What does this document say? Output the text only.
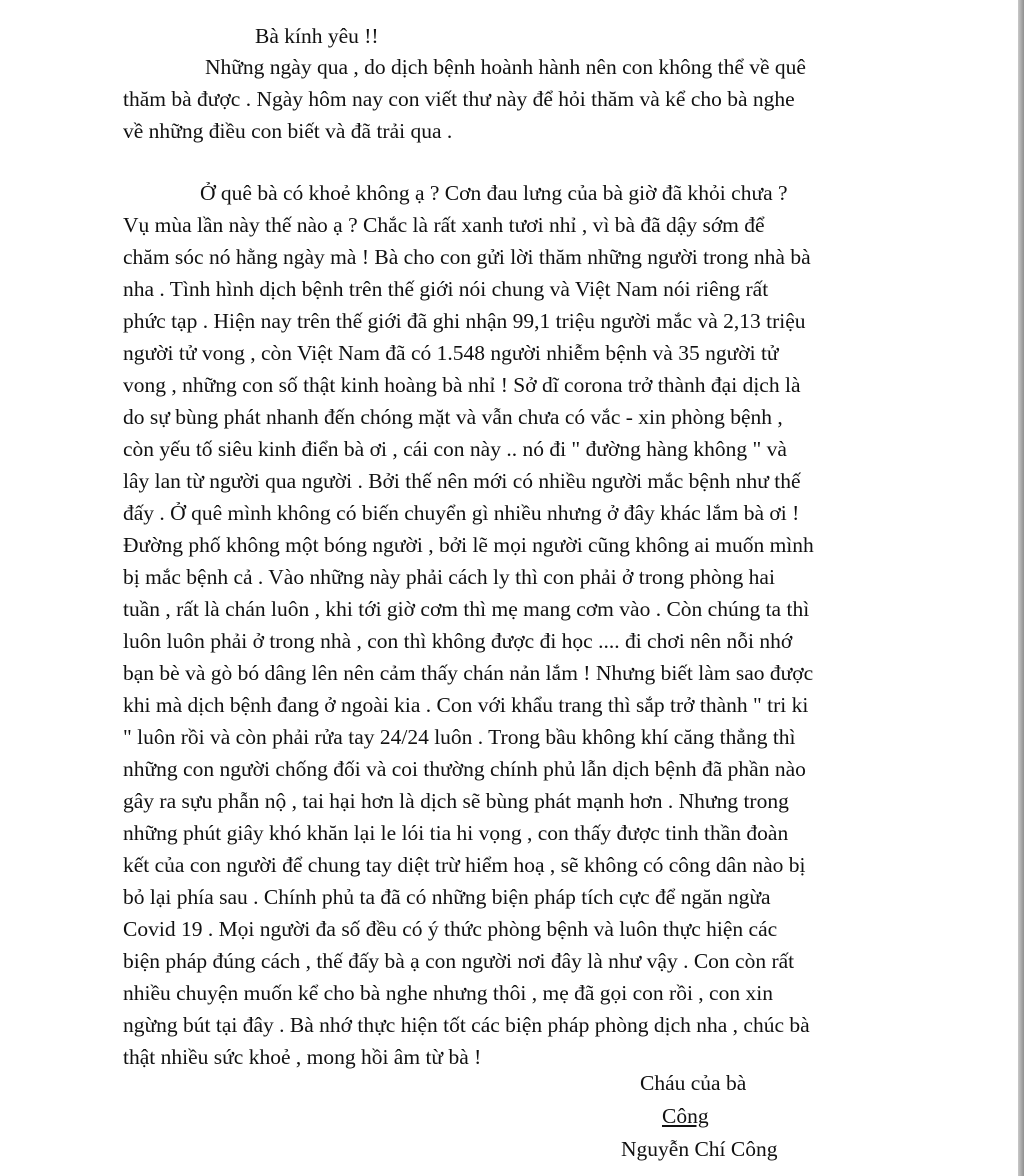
Bà kính yêu !!
Những ngày qua , do dịch bệnh hoành hành nên con không thể về quê
thăm bà được . Ngày hôm nay con viết thư này để hỏi thăm và kể cho bà nghe
về những điều con biết và đã trải qua .
Ở quê bà có khoẻ không ạ ? Cơn đau lưng của bà giờ đã khỏi chưa ?
Vụ mùa lần này thế nào ạ ? Chắc là rất xanh tươi nhỉ , vì bà đã dậy sớm để
chăm sóc nó hằng ngày mà ! Bà cho con gửi lời thăm những người trong nhà bà
nha . Tình hình dịch bệnh trên thế giới nói chung và Việt Nam nói riêng rất
phức tạp . Hiện nay trên thế giới đã ghi nhận 99,1 triệu người mắc và 2,13 triệu
người tử vong , còn Việt Nam đã có 1.548 người nhiễm bệnh và 35 người tử
vong , những con số thật kinh hoàng bà nhỉ ! Sở dĩ corona trở thành đại dịch là
do sự bùng phát nhanh đến chóng mặt và vẫn chưa có vắc - xin phòng bệnh ,
còn yếu tố siêu kinh điển bà ơi , cái con này .. nó đi " đường hàng không " và
lây lan từ người qua người . Bởi thế nên mới có nhiều người mắc bệnh như thế
đấy . Ở quê mình không có biến chuyển gì nhiều nhưng ở đây khác lắm bà ơi !
Đường phố không một bóng người , bởi lẽ mọi người cũng không ai muốn mình
bị mắc bệnh cả . Vào những này phải cách ly thì con phải ở trong phòng hai
tuần , rất là chán luôn , khi tới giờ cơm thì mẹ mang cơm vào . Còn chúng ta thì
luôn luôn phải ở trong nhà , con thì không được đi học .... đi chơi nên nỗi nhớ
bạn bè và gò bó dâng lên nên cảm thấy chán nản lắm ! Nhưng biết làm sao được
khi mà dịch bệnh đang ở ngoài kia . Con với khẩu trang thì sắp trở thành " tri ki
" luôn rồi và còn phải rửa tay 24/24 luôn . Trong bầu không khí căng thẳng thì
những con người chống đối và coi thường chính phủ lẫn dịch bệnh đã phần nào
gây ra sựu phẫn nộ , tai hại hơn là dịch sẽ bùng phát mạnh hơn . Nhưng trong
những phút giây khó khăn lại le lói tia hi vọng , con thấy được tinh thần đoàn
kết của con người để chung tay diệt trừ hiểm hoạ , sẽ không có công dân nào bị
bỏ lại phía sau . Chính phủ ta đã có những biện pháp tích cực để ngăn ngừa
Covid 19 . Mọi người đa số đều có ý thức phòng bệnh và luôn thực hiện các
biện pháp đúng cách , thế đấy bà ạ con người nơi đây là như vậy . Con còn rất
nhiều chuyện muốn kể cho bà nghe nhưng thôi , mẹ đã gọi con rồi , con xin
ngừng bút tại đây . Bà nhớ thực hiện tốt các biện pháp phòng dịch nha , chúc bà
thật nhiều sức khoẻ , mong hồi âm từ bà !
Cháu của bà
Công
Nguyễn Chí Công
